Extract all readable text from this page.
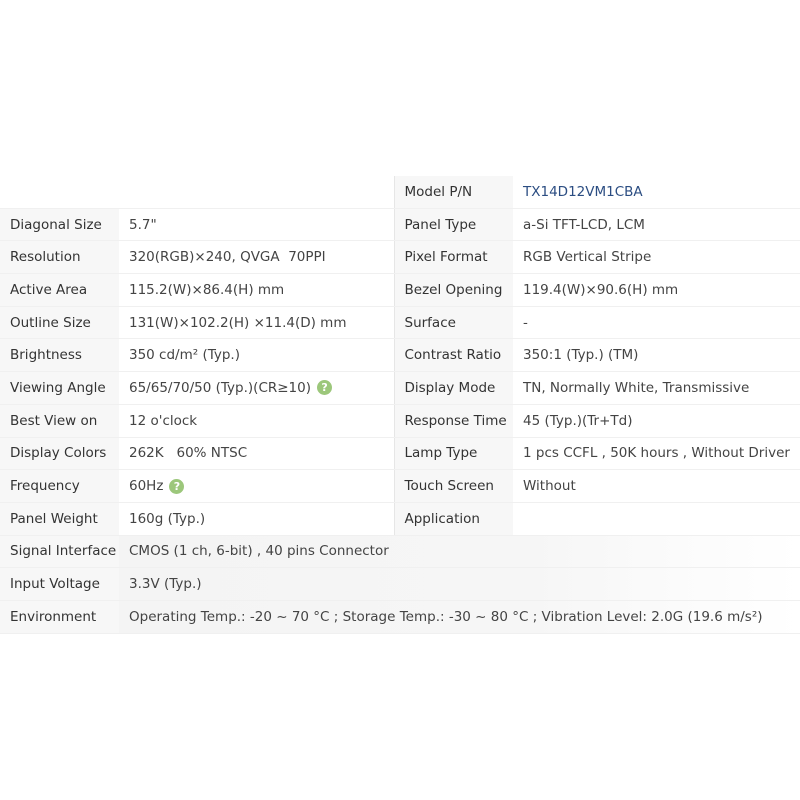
		Model P/N	TX14D12VM1CBA
Diagonal Size	5.7"	Panel Type	a-Si TFT-LCD, LCM
Resolution	320(RGB)×240, QVGA  70PPI	Pixel Format	RGB Vertical Stripe
Active Area	115.2(W)×86.4(H) mm	Bezel Opening	119.4(W)×90.6(H) mm
Outline Size	131(W)×102.2(H) ×11.4(D) mm	Surface	-
Brightness	350 cd/m² (Typ.)	Contrast Ratio	350:1 (Typ.) (TM)
Viewing Angle	65/65/70/50 (Typ.)(CR≥10) ?	Display Mode	TN, Normally White, Transmissive
Best View on	12 o'clock	Response Time	45 (Typ.)(Tr+Td)
Display Colors	262K   60% NTSC	Lamp Type	1 pcs CCFL , 50K hours , Without Driver
Frequency	60Hz ?	Touch Screen	Without
Panel Weight	160g (Typ.)	Application	
Signal Interface	CMOS (1 ch, 6-bit) , 40 pins Connector		
Input Voltage	3.3V (Typ.)		
Environment	Operating Temp.: -20 ~ 70 °C ; Storage Temp.: -30 ~ 80 °C ; Vibration Level: 2.0G (19.6 m/s²)		
